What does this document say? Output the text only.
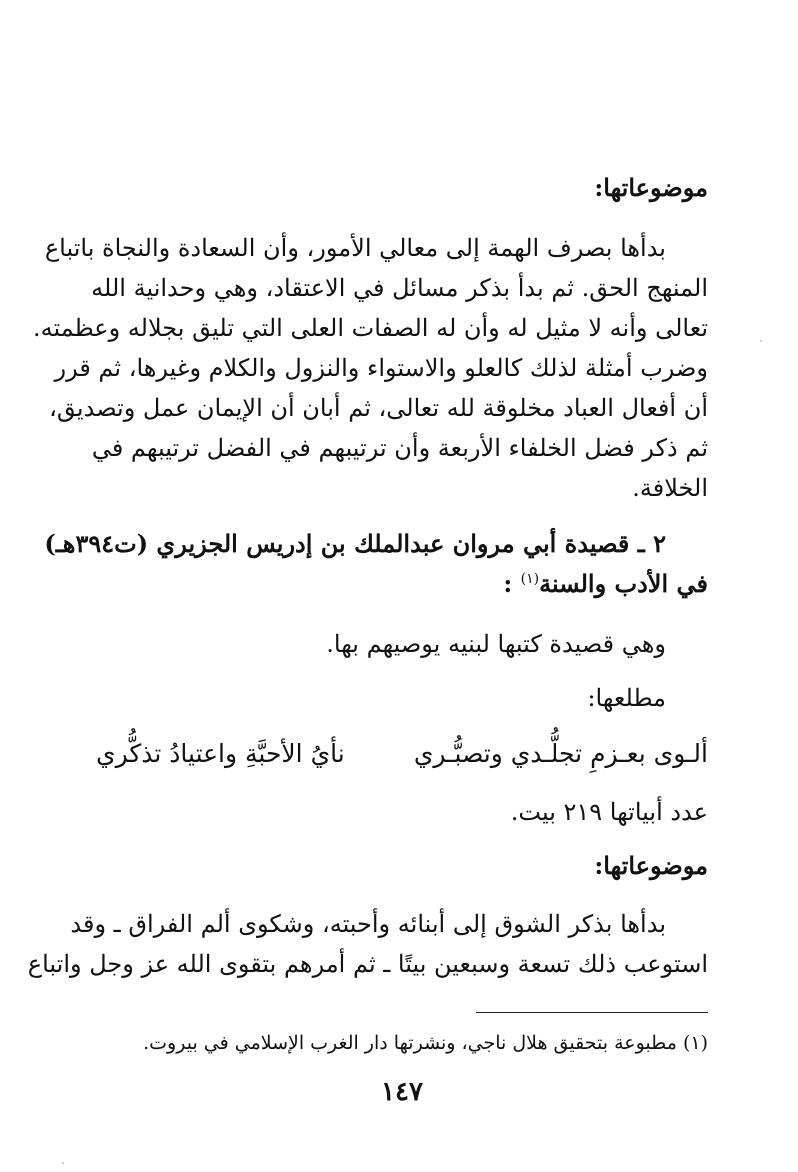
موضوعاتها:
بدأها بصرف الهمة إلى معالي الأمور، وأن السعادة والنجاة باتباع
المنهج الحق. ثم بدأ بذكر مسائل في الاعتقاد، وهي وحدانية الله
تعالى وأنه لا مثيل له وأن له الصفات العلى التي تليق بجلاله وعظمته.
وضرب أمثلة لذلك كالعلو والاستواء والنزول والكلام وغيرها، ثم قرر
أن أفعال العباد مخلوقة لله تعالى، ثم أبان أن الإيمان عمل وتصديق،
ثم ذكر فضل الخلفاء الأربعة وأن ترتيبهم في الفضل ترتيبهم في
الخلافة.
٢ ـ قصيدة أبي مروان عبدالملك بن إدريس الجزيري (ت٣٩٤هـ)
في الأدب والسنة$^{(١)}$ :
وهي قصيدة كتبها لبنيه يوصيهم بها.
مطلعها:
ألـوى بعـزمِ تجلُّـدي وتصبُّـري
نأيُ الأحبَّةِ واعتيادُ تذكُّري
عدد أبياتها ٢١٩ بيت.
موضوعاتها:
بدأها بذكر الشوق إلى أبنائه وأحبته، وشكوى ألم الفراق ـ وقد
استوعب ذلك تسعة وسبعين بيتًا ـ ثم أمرهم بتقوى الله عز وجل واتباع
(١) مطبوعة بتحقيق هلال ناجي، ونشرتها دار الغرب الإسلامي في بيروت.
١٤٧
